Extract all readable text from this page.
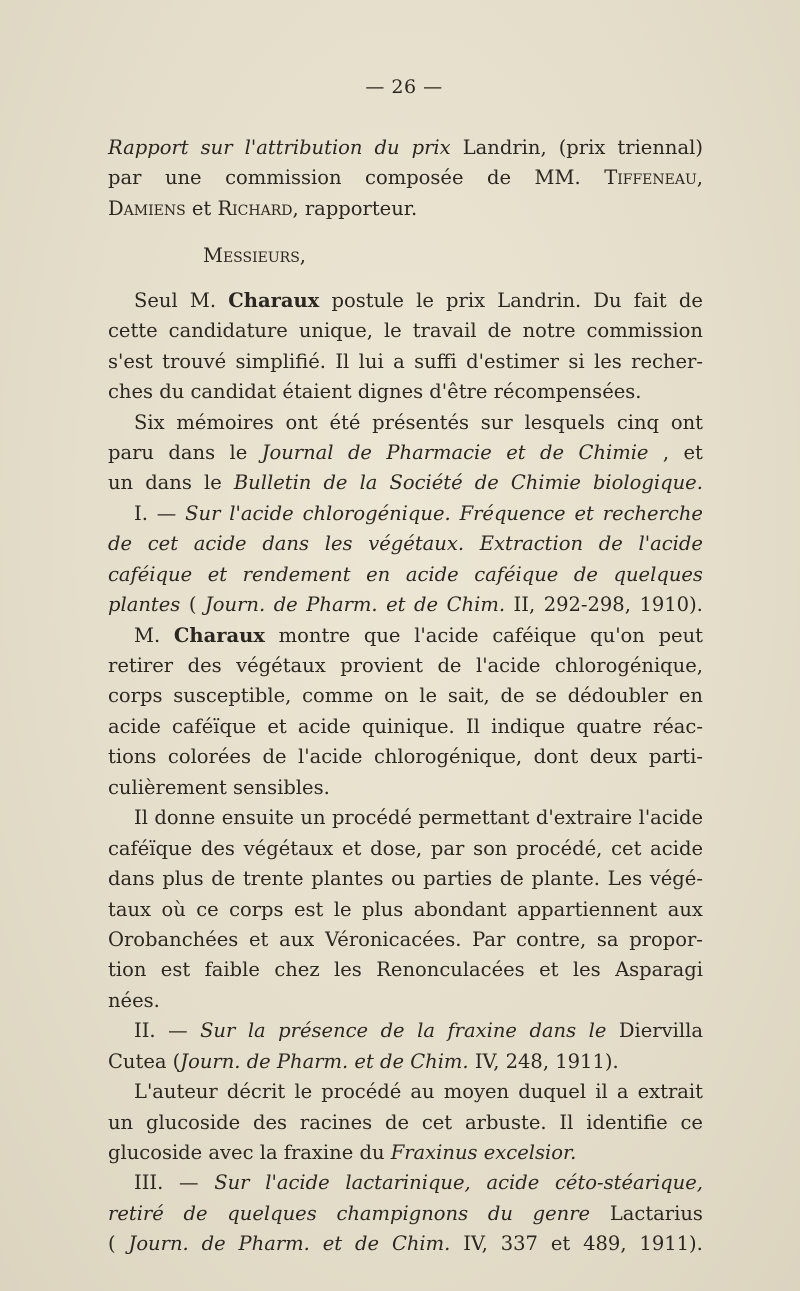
— 26 —
Rapport sur l'attribution du prix Landrin, (prix triennal)
par une commission composée de MM. Tiffeneau,
Damiens et Richard , rapporteur.
Messieurs,
Seul M. Charaux postule le prix Landrin. Du fait de
cette candidature unique, le travail de notre commission
s'est trouvé simplifié. Il lui a suffi d'estimer si les recher-
ches du candidat étaient dignes d'être récompensées.
Six mémoires ont été présentés sur lesquels cinq ont
paru dans le Journal de Pharmacie et de Chimie , et
un dans le Bulletin de la Société de Chimie biologique.
I. — Sur l'acide chlorogénique. Fréquence et recherche
de cet acide dans les végétaux. Extraction de l'acide
caféique et rendement en acide caféique de quelques
plantes ( Journ. de Pharm. et de Chim. II, 292-298, 1910).
M. Charaux montre que l'acide caféique qu'on peut
retirer des végétaux provient de l'acide chlorogénique,
corps susceptible, comme on le sait, de se dédoubler en
acide caféïque et acide quinique. Il indique quatre réac-
tions colorées de l'acide chlorogénique, dont deux parti-
culièrement sensibles.
Il donne ensuite un procédé permettant d'extraire l'acide
caféïque des végétaux et dose, par son procédé, cet acide
dans plus de trente plantes ou parties de plante. Les végé-
taux où ce corps est le plus abondant appartiennent aux
Orobanchées et aux Véronicacées. Par contre, sa propor-
tion est faible chez les Renonculacées et les Asparagi
nées.
II. — Sur la présence de la fraxine dans le Diervilla
Cutea ( Journ. de Pharm. et de Chim. IV, 248, 1911).
L'auteur décrit le procédé au moyen duquel il a extrait
un glucoside des racines de cet arbuste. Il identifie ce
glucoside avec la fraxine du Fraxinus excelsior.
III. — Sur l'acide lactarinique, acide céto-stéarique,
retiré de quelques champignons du genre Lactarius
( Journ. de Pharm. et de Chim. IV, 337 et 489, 1911).
